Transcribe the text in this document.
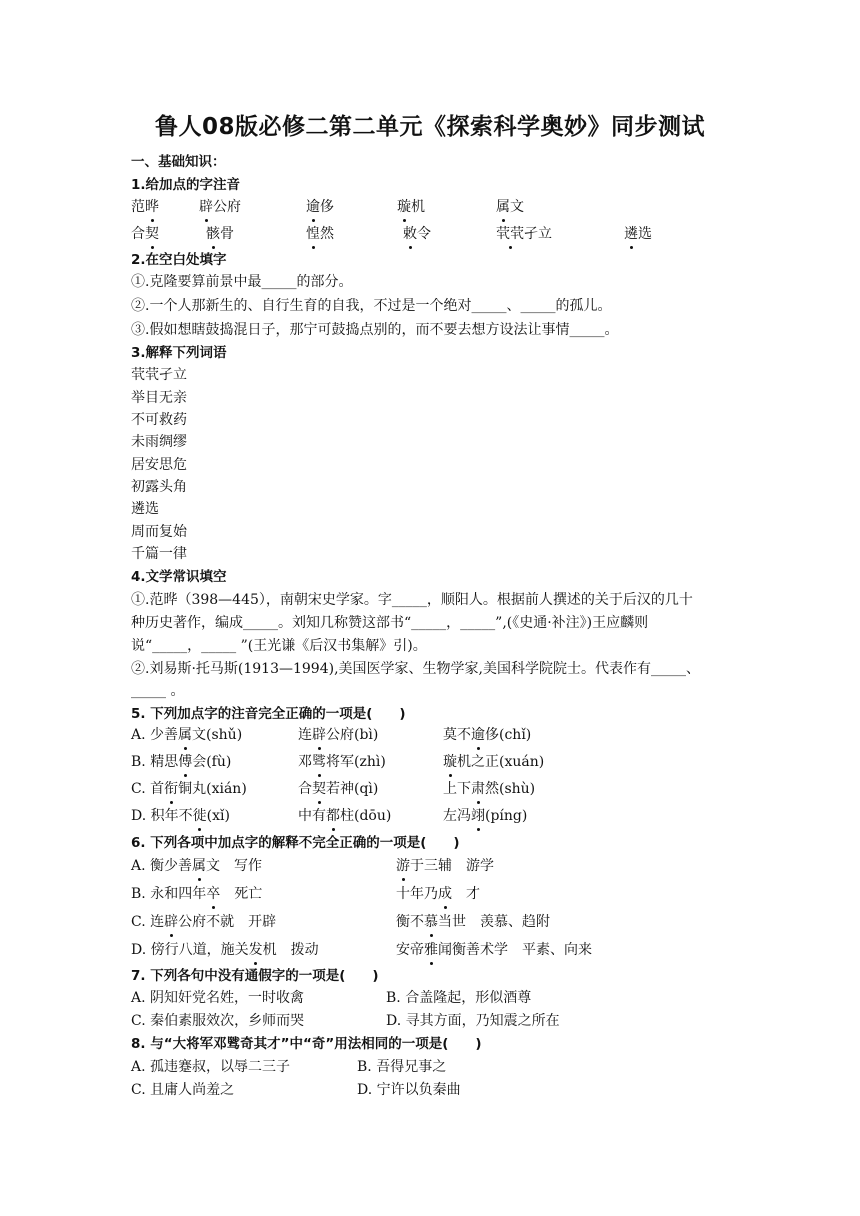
鲁人08版必修二第二单元《探索科学奥妙》同步测试
一、基础知识：
1.给加点的字注音
范晔	辟公府	逾侈	璇机	属文
合契	骸骨	惶然	敕令	茕茕孑立	遴选
2.在空白处填字
①.克隆要算前景中最_____的部分。
②.一个人那新生的、自行生育的自我，不过是一个绝对_____、_____的孤儿。
③.假如想瞎鼓捣混日子，那宁可鼓捣点别的，而不要去想方设法让事情_____。
3.解释下列词语
茕茕孑立
举目无亲
不可救药
未雨绸缪
居安思危
初露头角
遴选
周而复始
千篇一律
4.文学常识填空
①.范晔（398—445），南朝宋史学家。字_____，顺阳人。根据前人撰述的关于后汉的几十
种历史著作，编成_____。刘知几称赞这部书“_____，_____”,(《史通·补注》)王应麟则
说“_____，_____ ”(王光谦《后汉书集解》引)。
②.刘易斯·托马斯(1913—1994),美国医学家、生物学家,美国科学院院士。代表作有_____、
_____ 。
5. 下列加点字的注音完全正确的一项是(　　)
A. 少善属文(shǔ)	连辟公府(bì)	莫不逾侈(chǐ)
B. 精思傅会(fù)	邓骘将军(zhì)	璇机之正(xuán)
C. 首衔铜丸(xián)	合契若神(qì)	上下肃然(shù)
D. 积年不徙(xǐ)	中有都柱(dōu)	左冯翊(píng)
6. 下列各项中加点字的解释不完全正确的一项是(　　)
A. 衡少善属文　写作	游于三辅　游学
B. 永和四年卒　死亡	十年乃成　才
C. 连辟公府不就　开辟	衡不慕当世　羡慕、趋附
D. 傍行八道，施关发机　拨动	安帝雅闻衡善术学　平素、向来
7. 下列各句中没有通假字的一项是(　　)
A. 阴知奸党名姓，一时收禽	B. 合盖隆起，形似酒尊
C. 秦伯素服效次，乡师而哭	D. 寻其方面，乃知震之所在
8. 与“大将军邓骘奇其才”中“奇”用法相同的一项是(　　)
A. 孤违蹇叔，以辱二三子	B. 吾得兄事之
C. 且庸人尚羞之	D. 宁许以负秦曲
